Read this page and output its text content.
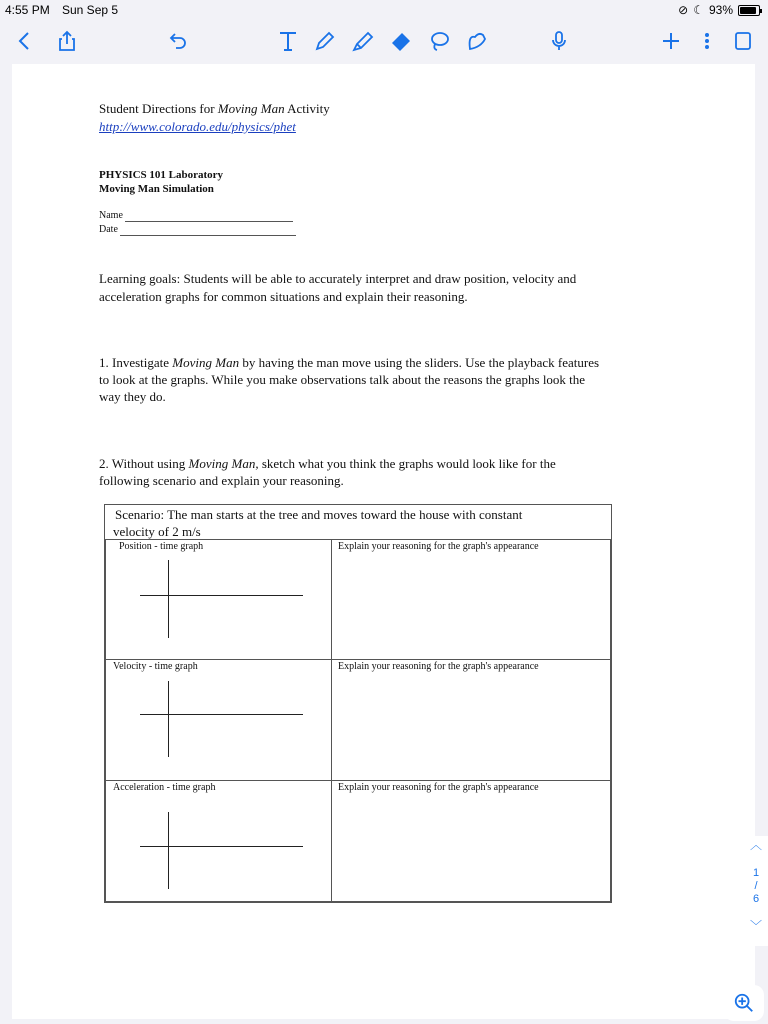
4:55 PM Sun Sep 5	⊘ ☾ 93%
Student Directions for Moving Man Activity
http://www.colorado.edu/physics/phet
PHYSICS 101 Laboratory
Moving Man Simulation
Name
Date
Learning goals: Students will be able to accurately interpret and draw position, velocity and
acceleration graphs for common situations and explain their reasoning.
1. Investigate Moving Man by having the man move using the sliders. Use the playback features
to look at the graphs. While you make observations talk about the reasons the graphs look the
way they do.
2. Without using Moving Man, sketch what you think the graphs would look like for the
following scenario and explain your reasoning.
Scenario: The man starts at the tree and moves toward the house with constant
velocity of 2 m/s
Position - time graph	Explain your reasoning for the graph's appearance
Velocity - time graph	Explain your reasoning for the graph's appearance
Acceleration - time graph	Explain your reasoning for the graph's appearance
︿
1
/
6
﹀
